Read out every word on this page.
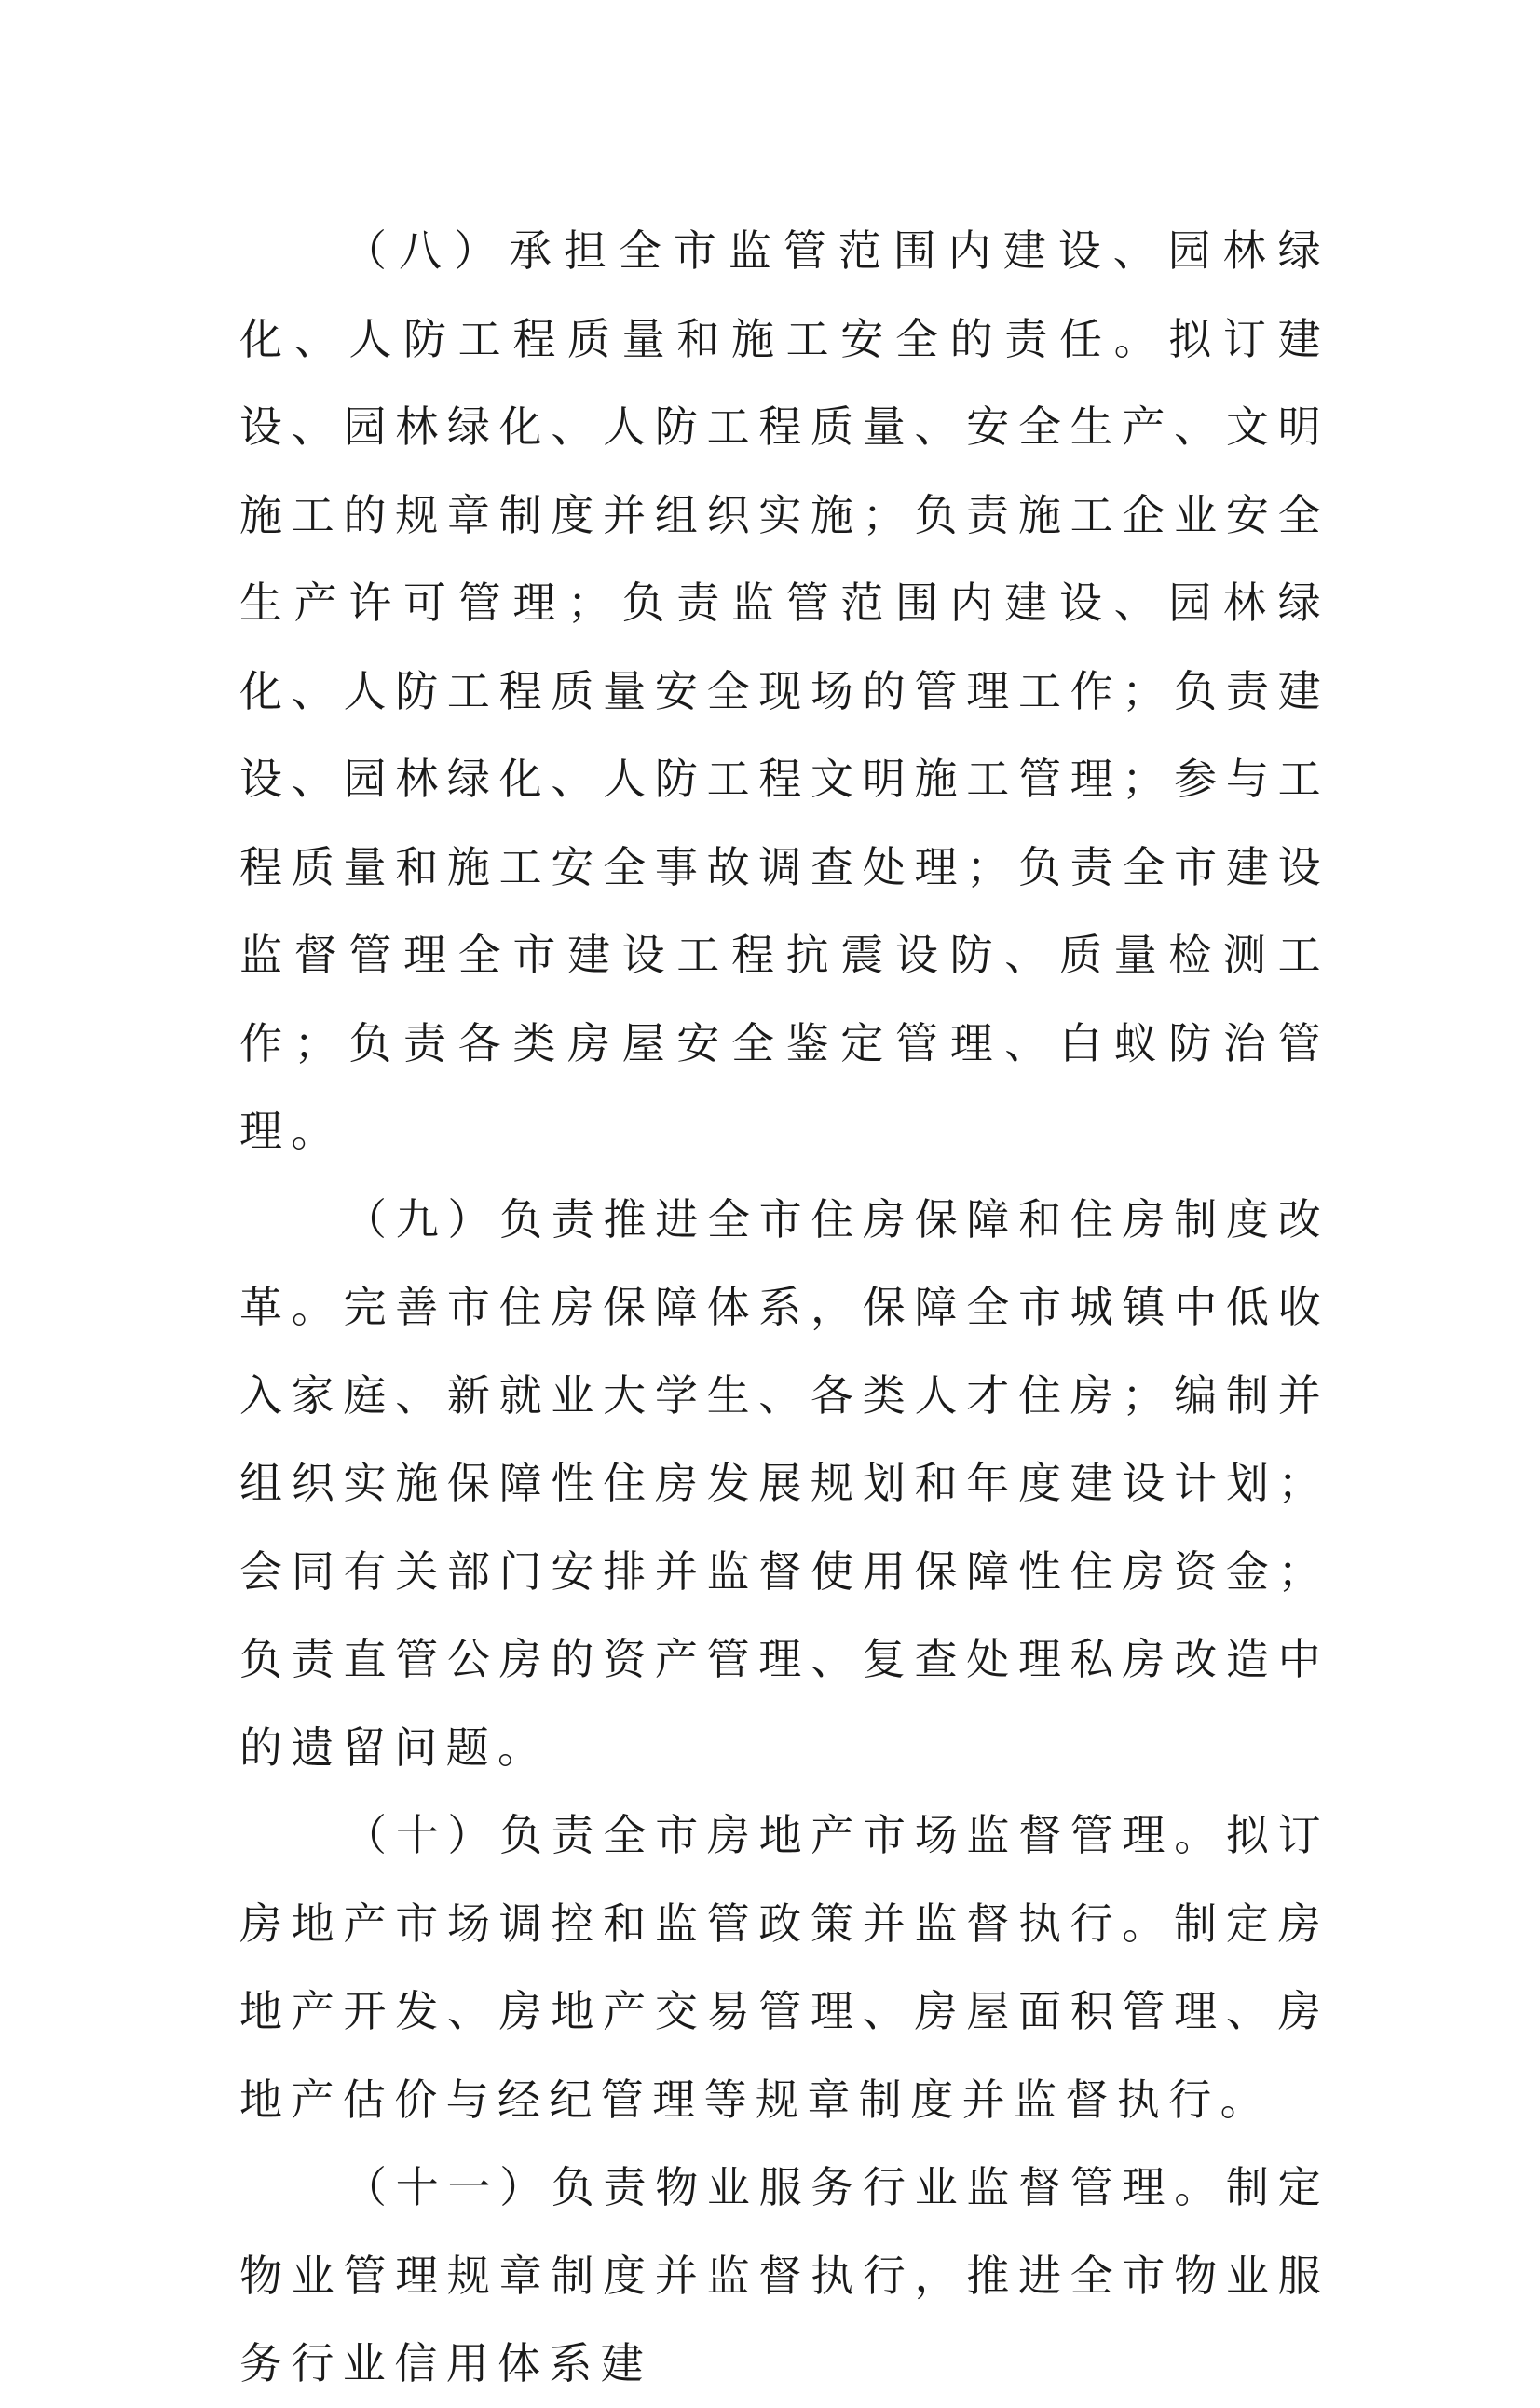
（八）承担全市监管范围内建设、园林绿化、人防工程质量和施工安全的责任。拟订建设、园林绿化、人防工程质量、安全生产、文明施工的规章制度并组织实施；负责施工企业安全生产许可管理；负责监管范围内建设、园林绿化、人防工程质量安全现场的管理工作；负责建设、园林绿化、人防工程文明施工管理；参与工程质量和施工安全事故调查处理；负责全市建设监督管理全市建设工程抗震设防、质量检测工作；负责各类房屋安全鉴定管理、白蚁防治管理。

（九）负责推进全市住房保障和住房制度改革。完善市住房保障体系，保障全市城镇中低收入家庭、新就业大学生、各类人才住房；编制并组织实施保障性住房发展规划和年度建设计划；会同有关部门安排并监督使用保障性住房资金；负责直管公房的资产管理、复查处理私房改造中的遗留问题。

（十）负责全市房地产市场监督管理。拟订房地产市场调控和监管政策并监督执行。制定房地产开发、房地产交易管理、房屋面积管理、房地产估价与经纪管理等规章制度并监督执行。

（十一）负责物业服务行业监督管理。制定物业管理规章制度并监督执行，推进全市物业服务行业信用体系建
